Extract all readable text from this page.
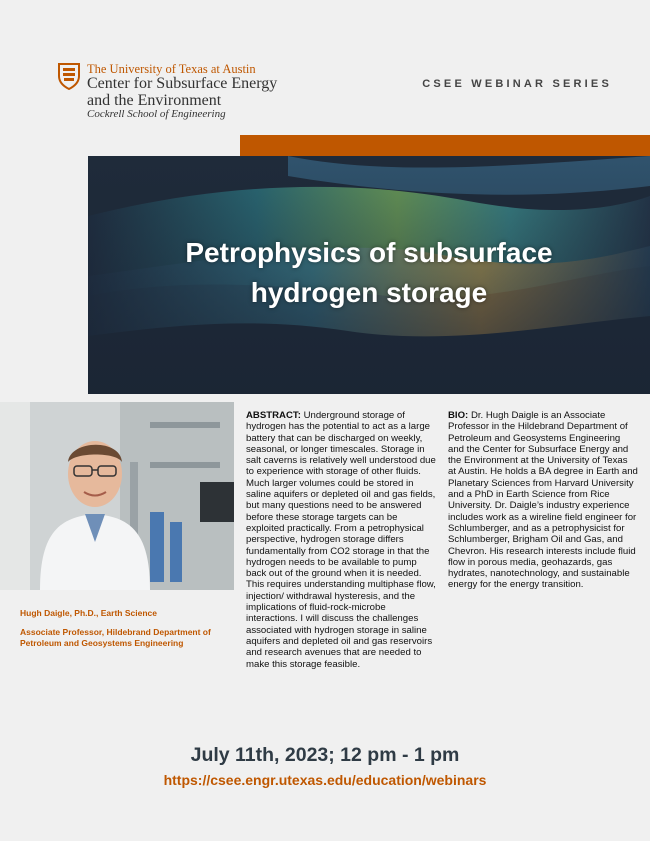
The University of Texas at Austin
Center for Subsurface Energy
and the Environment
Cockrell School of Engineering
CSEE WEBINAR SERIES
Petrophysics of subsurface hydrogen storage
Hugh Daigle, Ph.D., Earth Science
Associate Professor, Hildebrand Department of Petroleum and Geosystems Engineering
ABSTRACT: Underground storage of hydrogen has the potential to act as a large battery that can be discharged on weekly, seasonal, or longer timescales. Storage in salt caverns is relatively well understood due to experience with storage of other fluids. Much larger volumes could be stored in saline aquifers or depleted oil and gas fields, but many questions need to be answered before these storage targets can be exploited practically. From a petrophysical perspective, hydrogen storage differs fundamentally from CO2 storage in that the hydrogen needs to be available to pump back out of the ground when it is needed. This requires understanding multiphase flow, injection/ withdrawal hysteresis, and the implications of fluid-rock-microbe interactions. I will discuss the challenges associated with hydrogen storage in saline aquifers and depleted oil and gas reservoirs and research avenues that are needed to make this storage feasible.
BIO: Dr. Hugh Daigle is an Associate Professor in the Hildebrand Department of Petroleum and Geosystems Engineering and the Center for Subsurface Energy and the Environment at the University of Texas at Austin. He holds a BA degree in Earth and Planetary Sciences from Harvard University and a PhD in Earth Science from Rice University. Dr. Daigle’s industry experience includes work as a wireline field engineer for Schlumberger, and as a petrophysicist for Schlumberger, Brigham Oil and Gas, and Chevron. His research interests include fluid flow in porous media, geohazards, gas hydrates, nanotechnology, and sustainable energy for the energy transition.
July 11th, 2023; 12 pm - 1 pm
https://csee.engr.utexas.edu/education/webinars
